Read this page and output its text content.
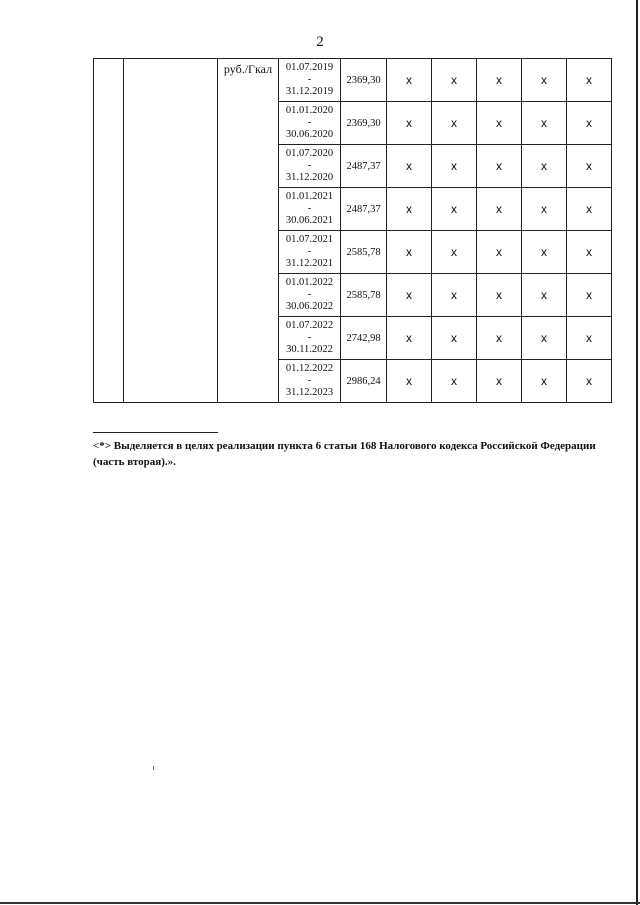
2
		руб./Гкал	01.07.2019
-
31.12.2019	2369,30	x	x	x	x	x

			01.01.2020
-
30.06.2020	2369,30	x	x	x	x	x

			01.07.2020
-
31.12.2020	2487,37	x	x	x	x	x

			01.01.2021
-
30.06.2021	2487,37	x	x	x	x	x

			01.07.2021
-
31.12.2021	2585,78	x	x	x	x	x

			01.01.2022
-
30.06.2022	2585,78	x	x	x	x	x

			01.07.2022
-
30.11.2022	2742,98	x	x	x	x	x

			01.12.2022
-
31.12.2023	2986,24	x	x	x	x	x
<*> Выделяется в целях реализации пункта 6 статьи 168 Налогового кодекса Российской Федерации (часть вторая).».
